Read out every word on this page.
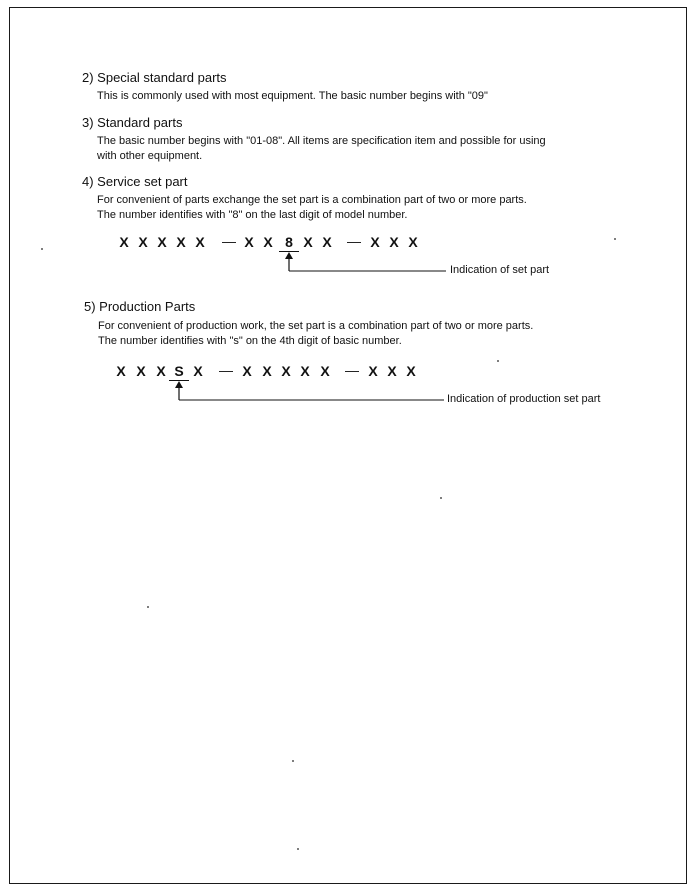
2) Special standard parts
This is commonly used with most equipment. The basic number begins with "09"
3) Standard parts
The basic number begins with "01-08". All items are specification item and possible for using
with other equipment.
4) Service set part
For convenient of parts exchange the set part is a combination part of two or more parts.
The number identifies with "8" on the last digit of model number.
X X X X X — X X 8 X X — X X X
Indication of set part
5) Production Parts
For convenient of production work, the set part is a combination part of two or more parts.
The number identifies with "s" on the 4th digit of basic number.
X X X S X — X X X X X — X X X
Indication of production set part
